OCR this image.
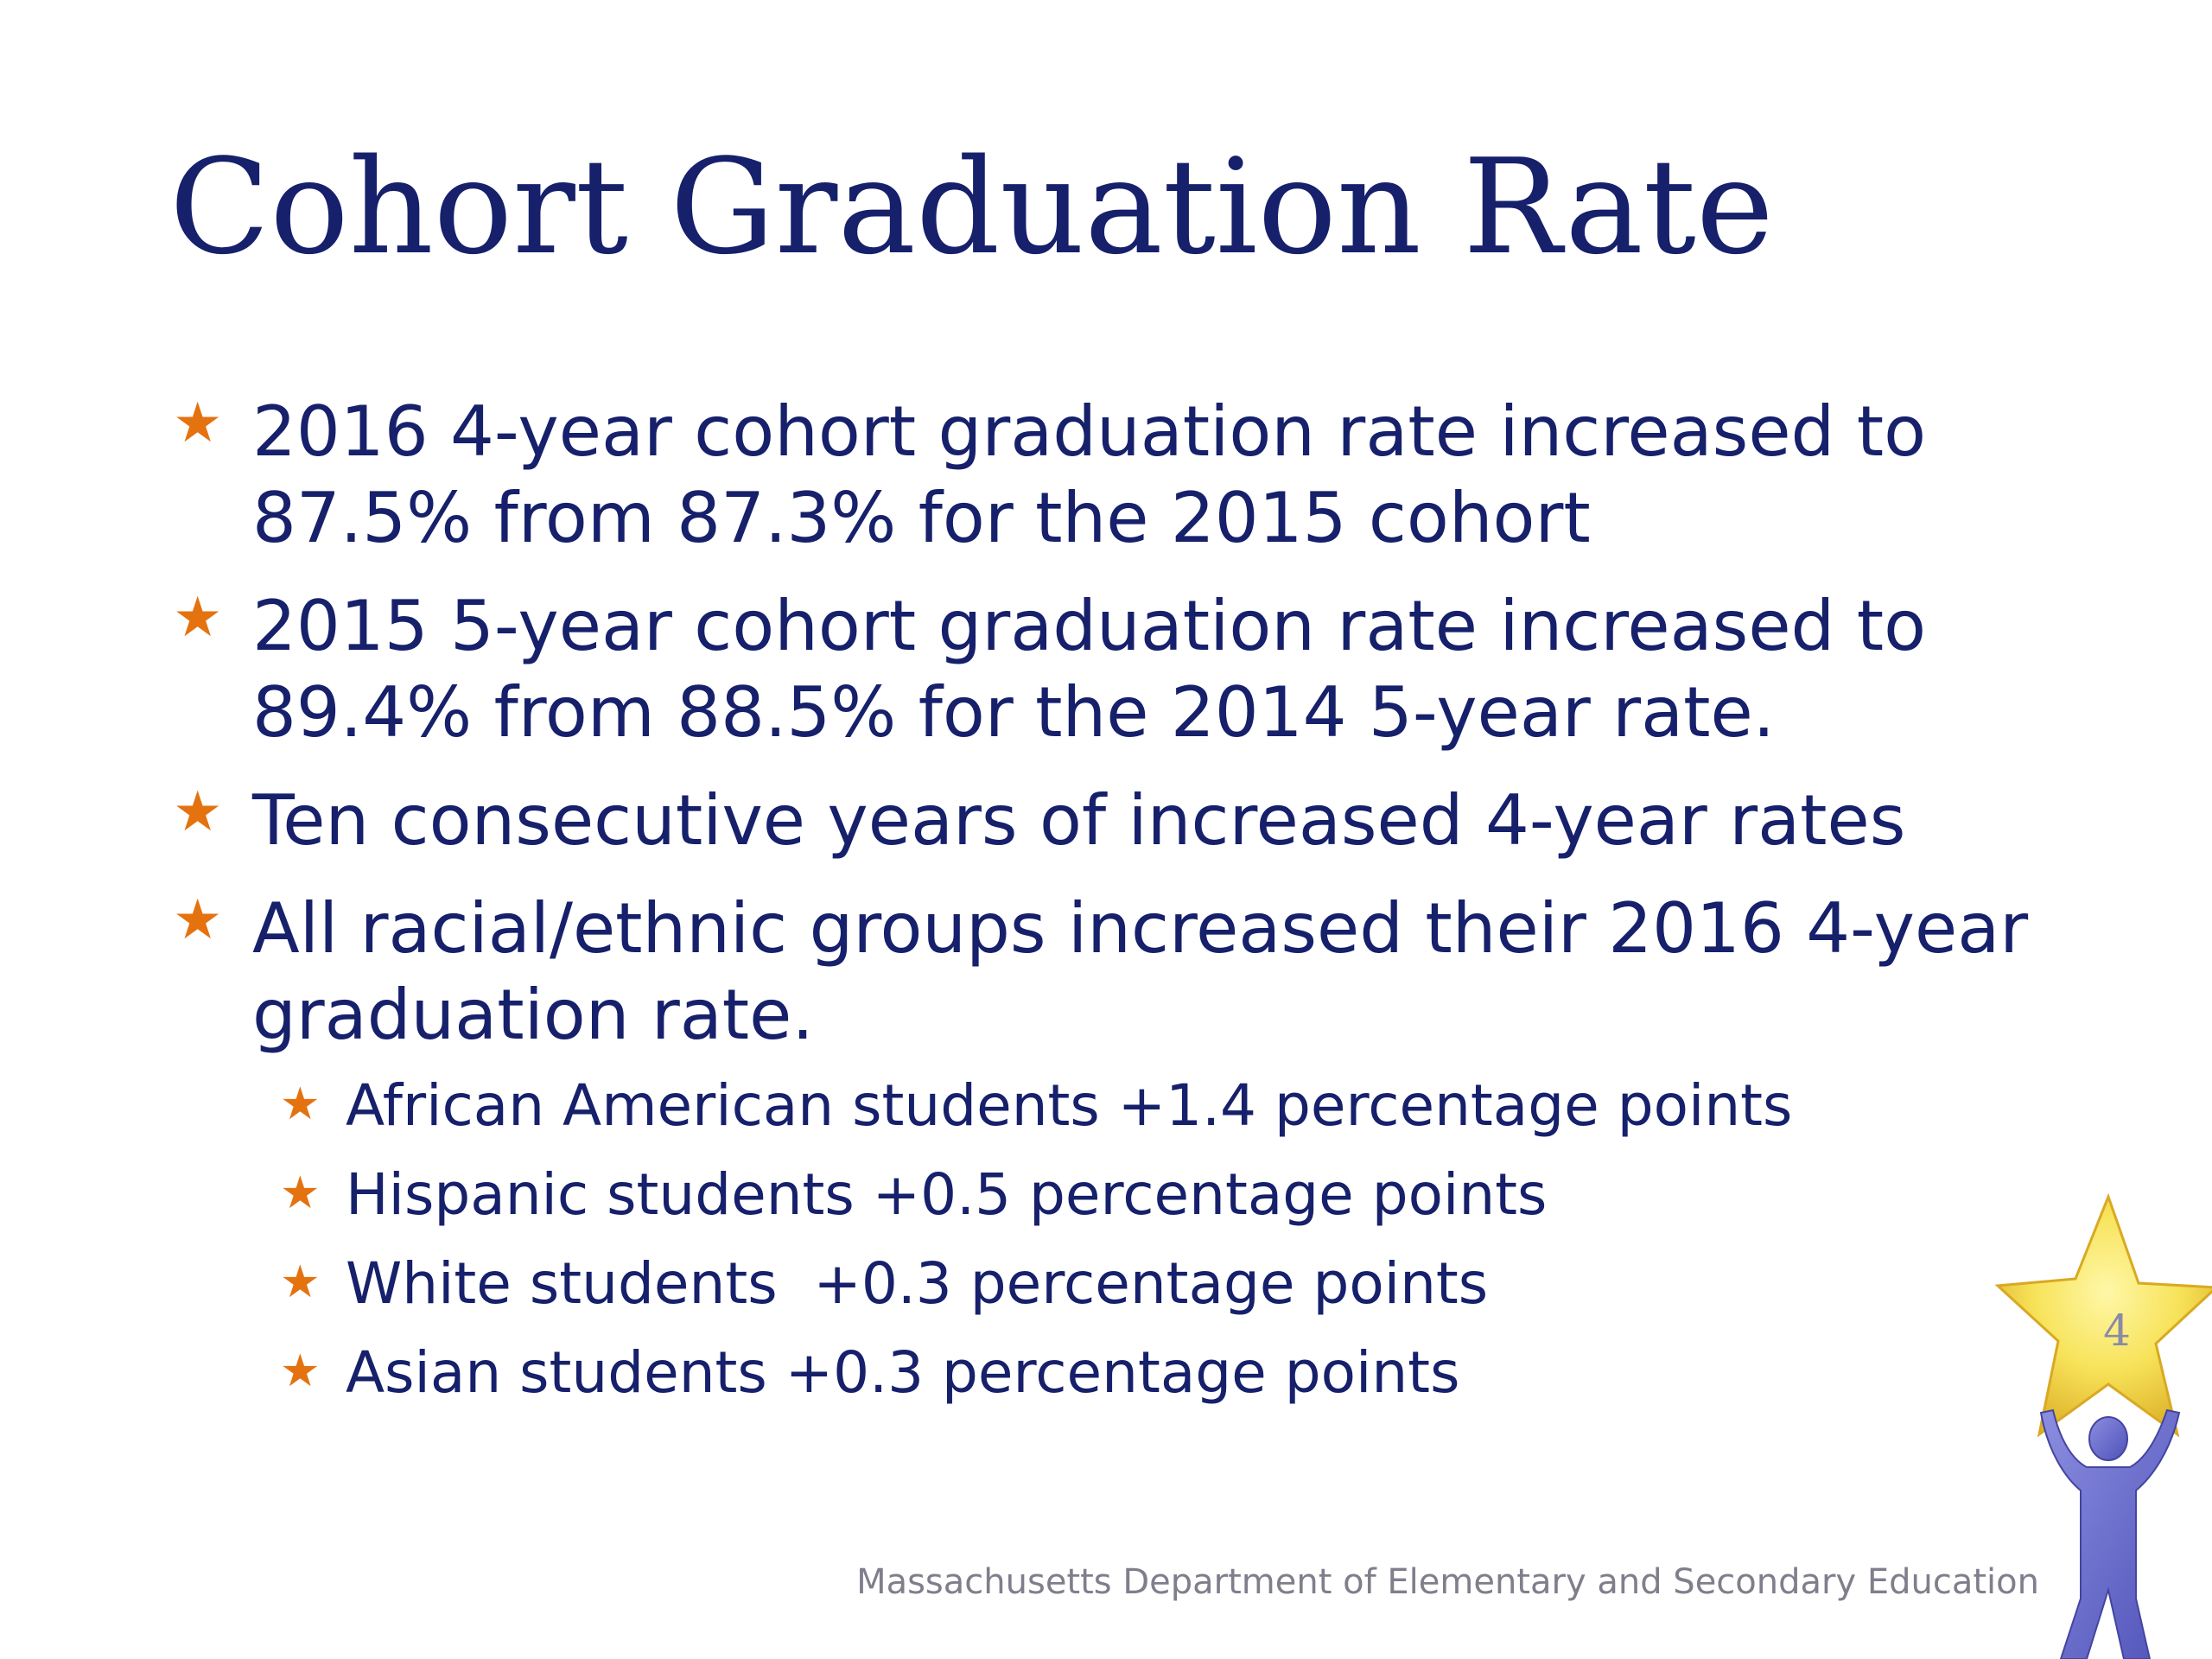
Cohort Graduation Rate
★ 2016 4-year cohort graduation rate increased to
87.5% from 87.3% for the 2015 cohort
★ 2015 5-year cohort graduation rate increased to
89.4% from 88.5% for the 2014 5-year rate.
★ Ten consecutive years of increased 4-year rates
★ All racial/ethnic groups increased their 2016 4-year
graduation rate.
★ African American students +1.4 percentage points
★ Hispanic students +0.5 percentage points
★ White students  +0.3 percentage points
★ Asian students +0.3 percentage points
4
Massachusetts Department of Elementary and Secondary Education
